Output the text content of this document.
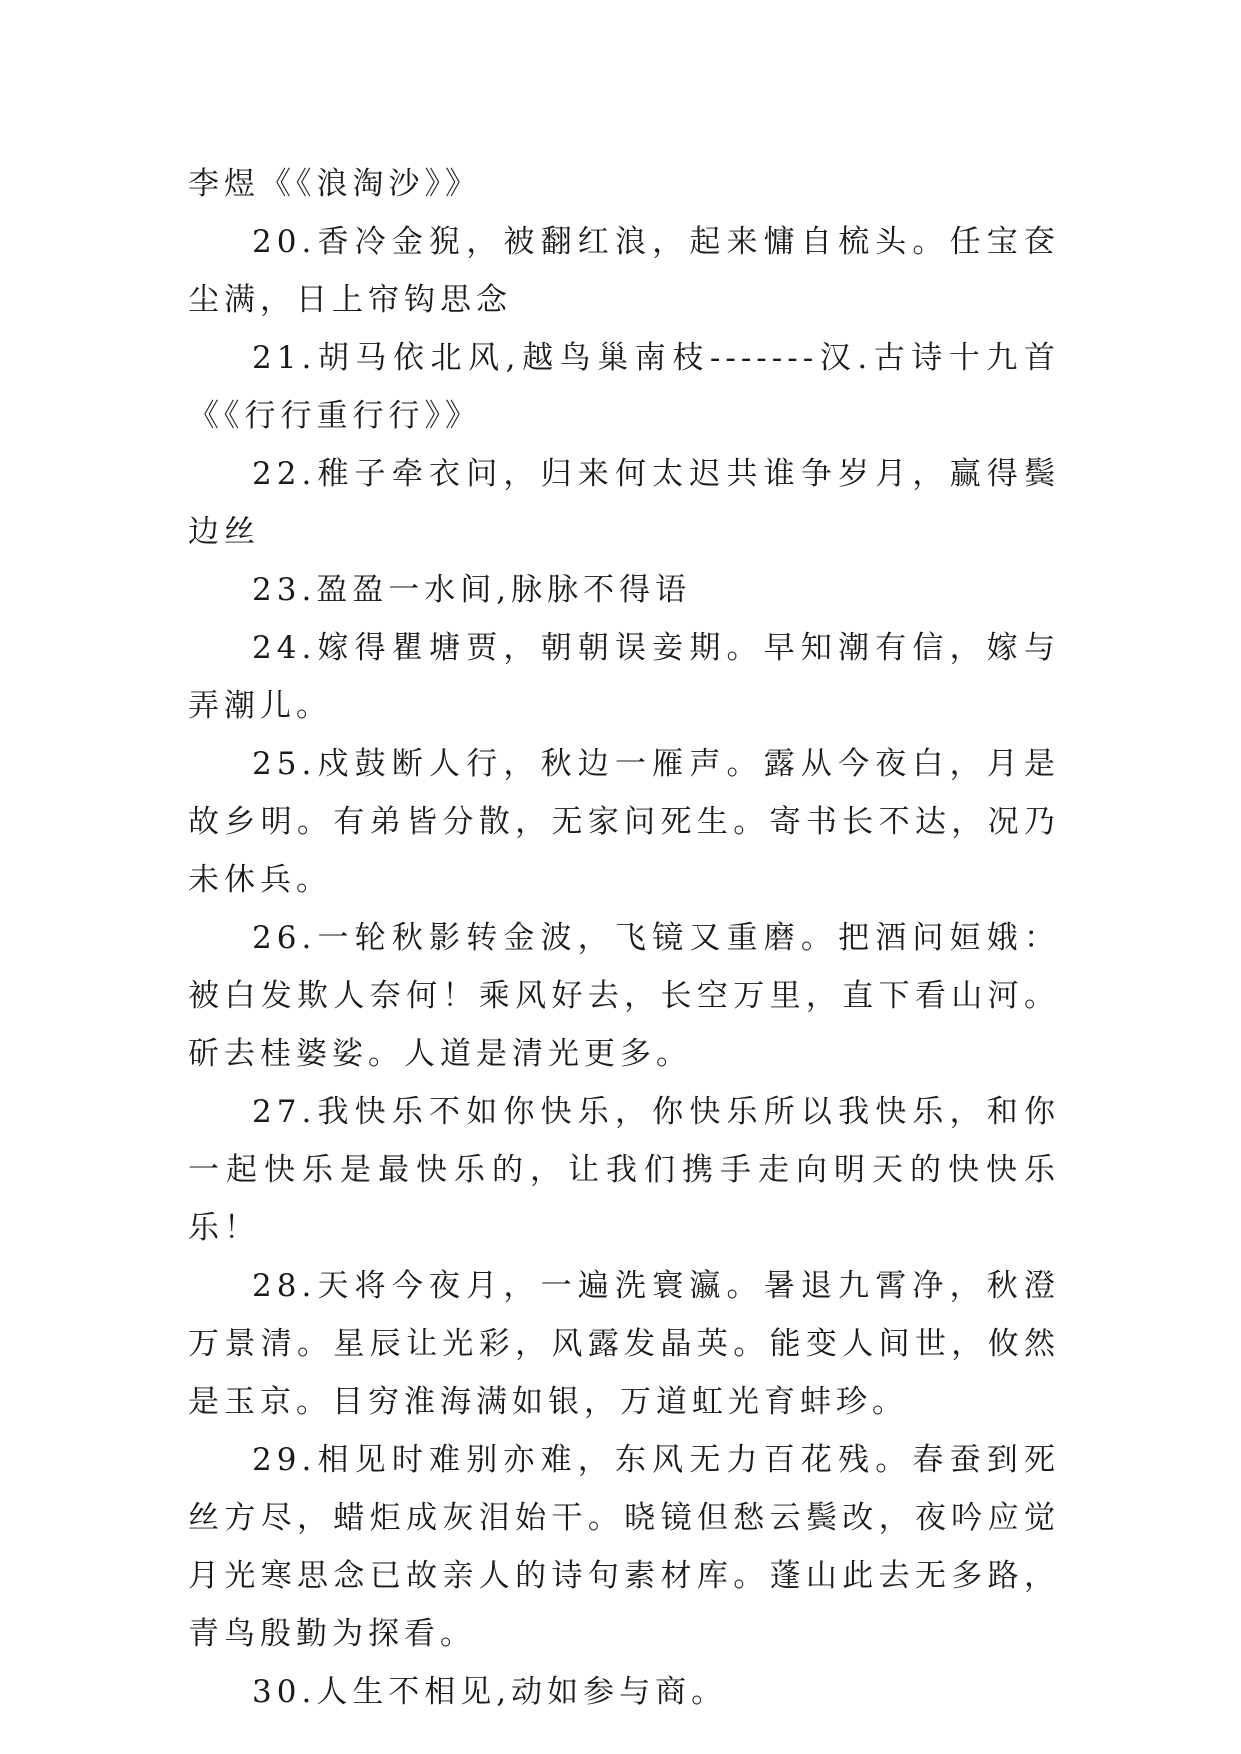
李煜《《浪淘沙》》

20.香冷金猊，被翻红浪，起来慵自梳头。任宝奁尘满，日上帘钩思念

21.胡马依北风,越鸟巢南枝-------汉.古诗十九首《《行行重行行》》

22.稚子牵衣问，归来何太迟共谁争岁月，赢得鬓边丝

23.盈盈一水间,脉脉不得语

24.嫁得瞿塘贾，朝朝误妾期。早知潮有信，嫁与弄潮儿。

25.戍鼓断人行，秋边一雁声。露从今夜白，月是故乡明。有弟皆分散，无家问死生。寄书长不达，况乃未休兵。

26.一轮秋影转金波，飞镜又重磨。把酒问姮娥：被白发欺人奈何！乘风好去，长空万里，直下看山河。斫去桂婆娑。人道是清光更多。

27.我快乐不如你快乐，你快乐所以我快乐，和你一起快乐是最快乐的，让我们携手走向明天的快快乐乐！

28.天将今夜月，一遍洗寰瀛。暑退九霄净，秋澄万景清。星辰让光彩，风露发晶英。能变人间世，攸然是玉京。目穷淮海满如银，万道虹光育蚌珍。

29.相见时难别亦难，东风无力百花残。春蚕到死丝方尽，蜡炬成灰泪始干。晓镜但愁云鬓改，夜吟应觉月光寒思念已故亲人的诗句素材库。蓬山此去无多路，青鸟殷勤为探看。

30.人生不相见,动如参与商。
